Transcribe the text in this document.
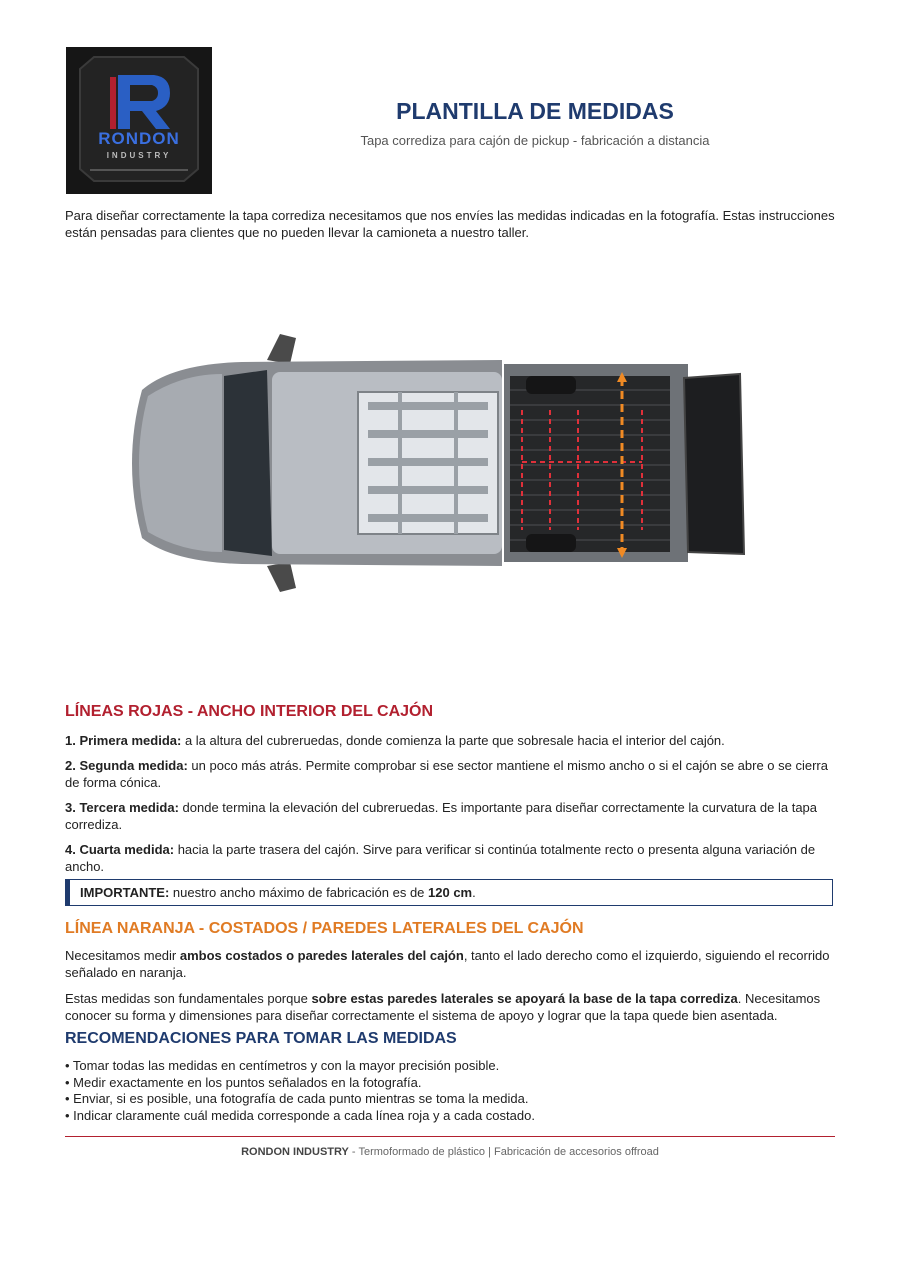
RONDON
INDUSTRY
PLANTILLA DE MEDIDAS

Tapa corrediza para cajón de pickup - fabricación a distancia

Para diseñar correctamente la tapa corrediza necesitamos que nos envíes las medidas indicadas en la fotografía. Estas instrucciones están pensadas para clientes que no pueden llevar la camioneta a nuestro taller.

LÍNEAS ROJAS - ANCHO INTERIOR DEL CAJÓN

1. Primera medida: a la altura del cubreruedas, donde comienza la parte que sobresale hacia el interior del cajón.

2. Segunda medida: un poco más atrás. Permite comprobar si ese sector mantiene el mismo ancho o si el cajón se abre o se cierra de forma cónica.

3. Tercera medida: donde termina la elevación del cubreruedas. Es importante para diseñar correctamente la curvatura de la tapa corrediza.

4. Cuarta medida: hacia la parte trasera del cajón. Sirve para verificar si continúa totalmente recto o presenta alguna variación de ancho.

IMPORTANTE: nuestro ancho máximo de fabricación es de 120 cm.
LÍNEA NARANJA - COSTADOS / PAREDES LATERALES DEL CAJÓN

Necesitamos medir ambos costados o paredes laterales del cajón, tanto el lado derecho como el izquierdo, siguiendo el recorrido señalado en naranja.

Estas medidas son fundamentales porque sobre estas paredes laterales se apoyará la base de la tapa corrediza. Necesitamos conocer su forma y dimensiones para diseñar correctamente el sistema de apoyo y lograr que la tapa quede bien asentada.

RECOMENDACIONES PARA TOMAR LAS MEDIDAS
• Tomar todas las medidas en centímetros y con la mayor precisión posible.
• Medir exactamente en los puntos señalados en la fotografía.
• Enviar, si es posible, una fotografía de cada punto mientras se toma la medida.
• Indicar claramente cuál medida corresponde a cada línea roja y a cada costado.
RONDON INDUSTRY - Termoformado de plástico | Fabricación de accesorios offroad
